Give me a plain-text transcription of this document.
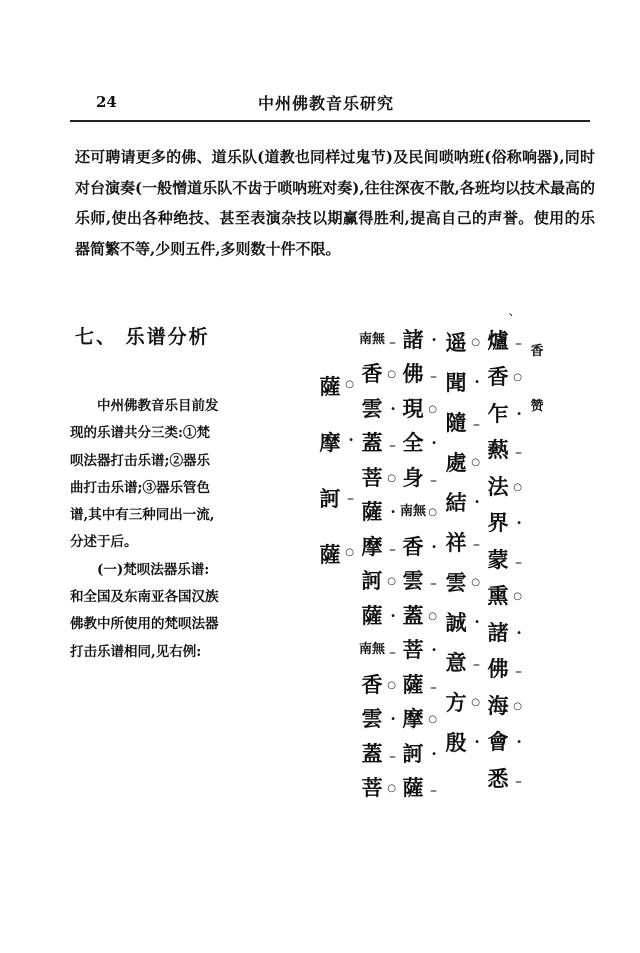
24	中州佛教音乐研究
还可聘请更多的佛、道乐队(道教也同样过鬼节)及民间唢呐班(俗称响器),同时对台演奏(一般憎道乐队不齿于唢呐班对奏),往往深夜不散,各班均以技术最高的乐师,使出各种绝技、甚至表演杂技以期赢得胜利,提高自己的声誉。使用的乐器简繁不等,少则五件,多则数十件不限。
七、 乐谱分析

中州佛教音乐目前发现的乐谱共分三类:①梵呗法器打击乐谱;②器乐曲打击乐谱;③器乐管色谱,其中有三种同出一流,分述于后。

(一)梵呗法器乐谱:和全国及东南亚各国汉族佛教中所使用的梵呗法器打击乐谱相同,见右例:

香
赞
爐 –
香 ○
乍 •
爇 –
法 ○
界 •
蒙 –
熏 ○
諸 •
佛 –
海 ○
會 •
悉 –
遥 ○
聞 •
隨 –
處 ○
結 •
祥 –
雲 ○
誠 •
意 –
方 ○
殷 •
諸 •
佛 –
現 ○
全 •
身 –
南無 ○
香 •
雲 –
蓋 ○
菩 •
薩 –
摩 ○
訶 •
薩 –
南無 –
香 ○
雲 •
蓋 –
菩 ○
薩 •
摩 –
訶 ○
薩 •
南無 –
香 ○
雲 •
蓋 –
菩 ○
薩 ○
摩 •
訶 –
薩 ○
ˋ
